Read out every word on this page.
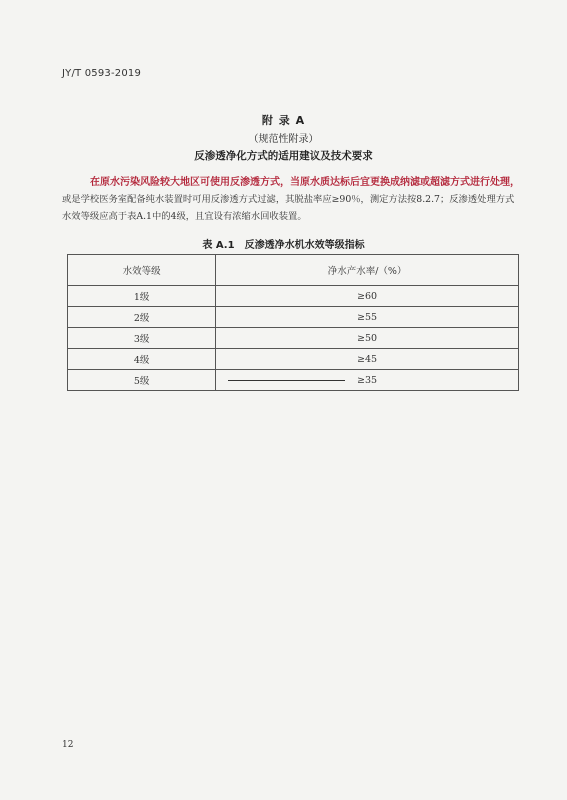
JY/T 0593-2019
附 录 A
（规范性附录）
反渗透净化方式的适用建议及技术要求
在原水污染风险较大地区可使用反渗透方式，当原水质达标后宜更换成纳滤或超滤方式进行处理，
或是学校医务室配备纯水装置时可用反渗透方式过滤，其脱盐率应≥90％，测定方法按8.2.7；反渗透处理方式水效等级应高于表A.1中的4级，且宜设有浓缩水回收装置。
表 A.1　反渗透净水机水效等级指标
水效等级	净水产水率/（%）
1级	≥60
2级	≥55
3级	≥50
4级	≥45
5级	≥35
12
